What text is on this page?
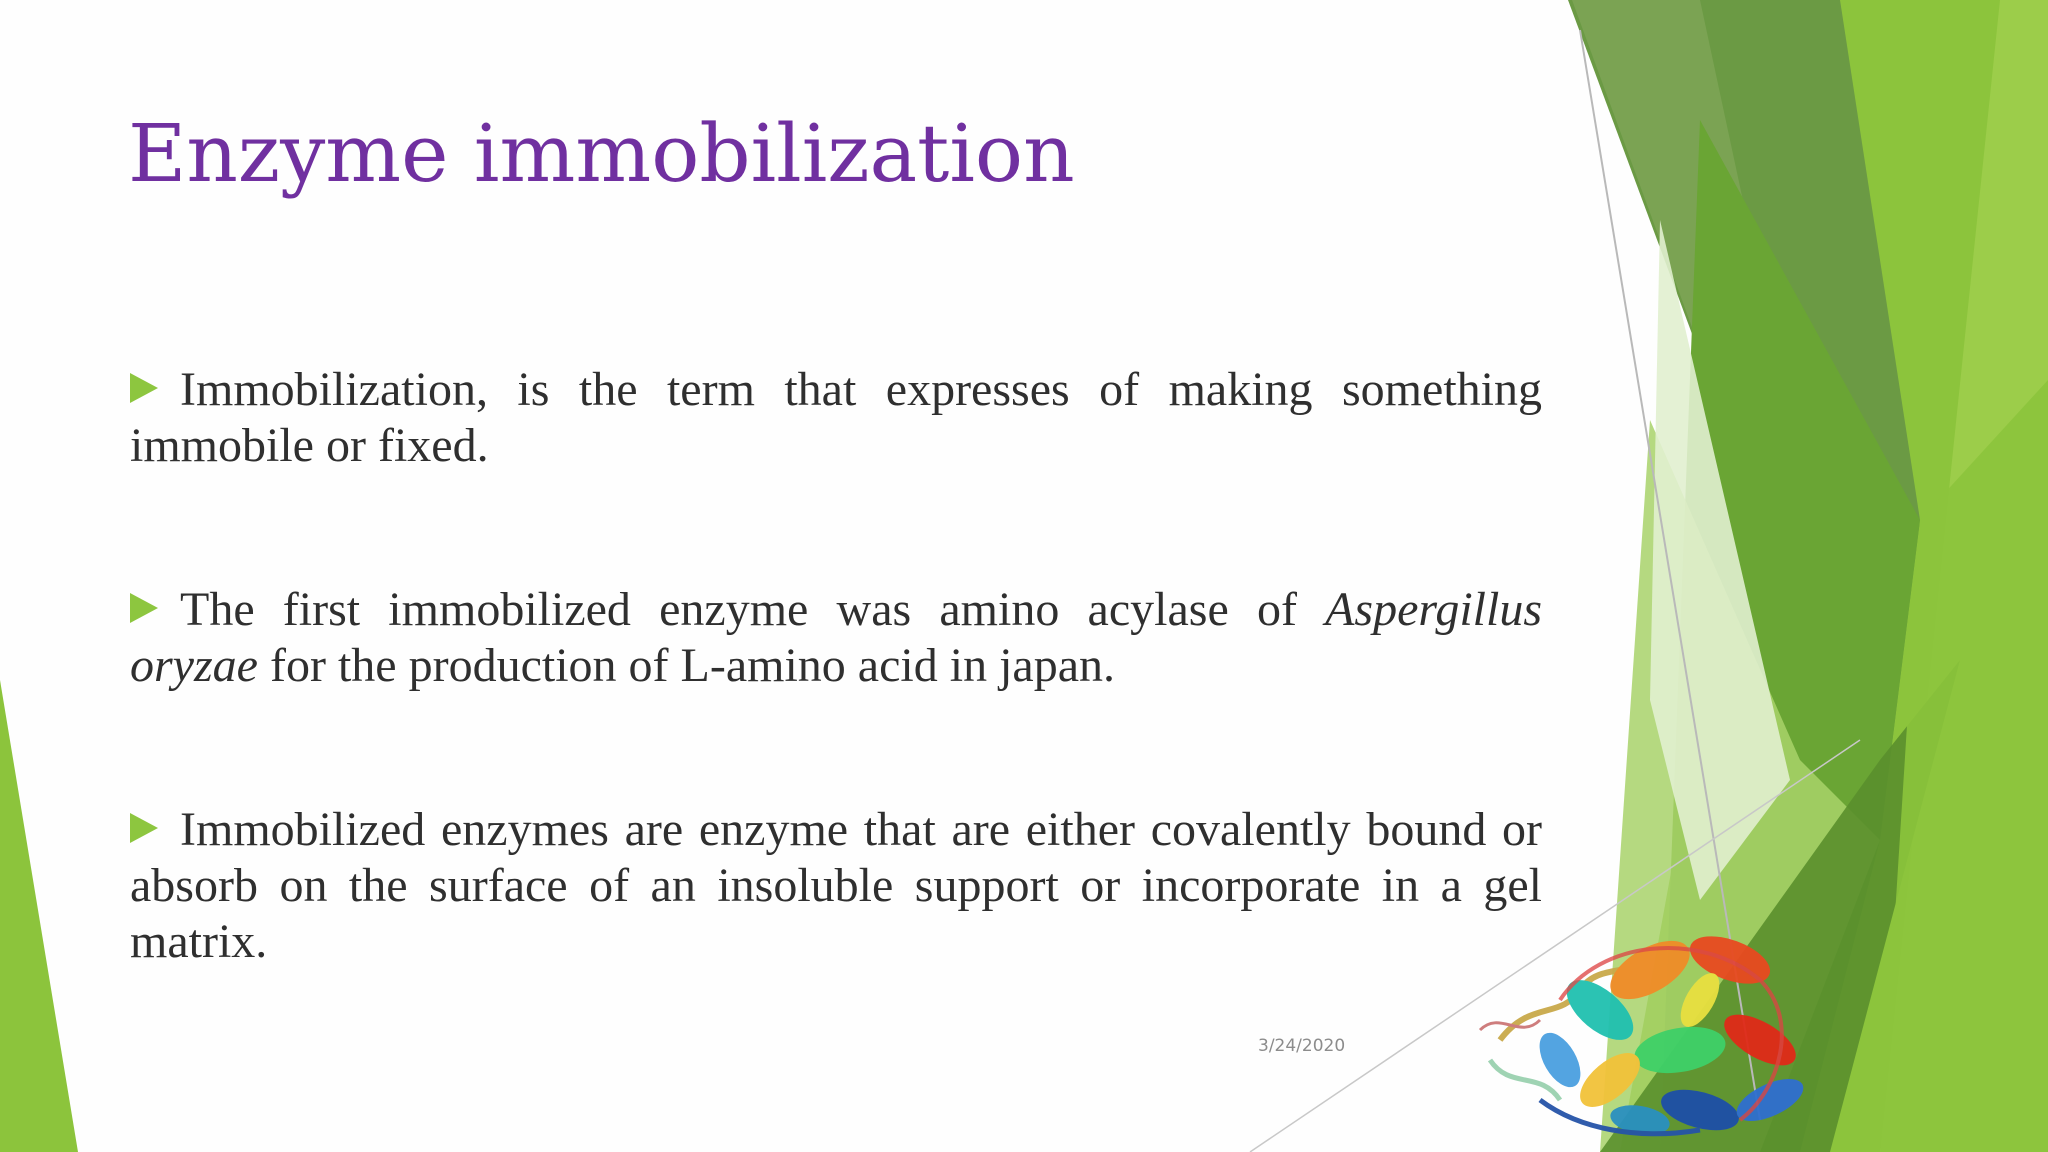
Enzyme immobilization

Immobilization, is the term that expresses of making something immobile or fixed.

The first immobilized enzyme was amino acylase of Aspergillus oryzae for the production of L-amino acid in japan.

Immobilized enzymes are enzyme that are either covalently bound or absorb on the surface of an insoluble support or incorporate in a gel matrix.

3/24/2020
